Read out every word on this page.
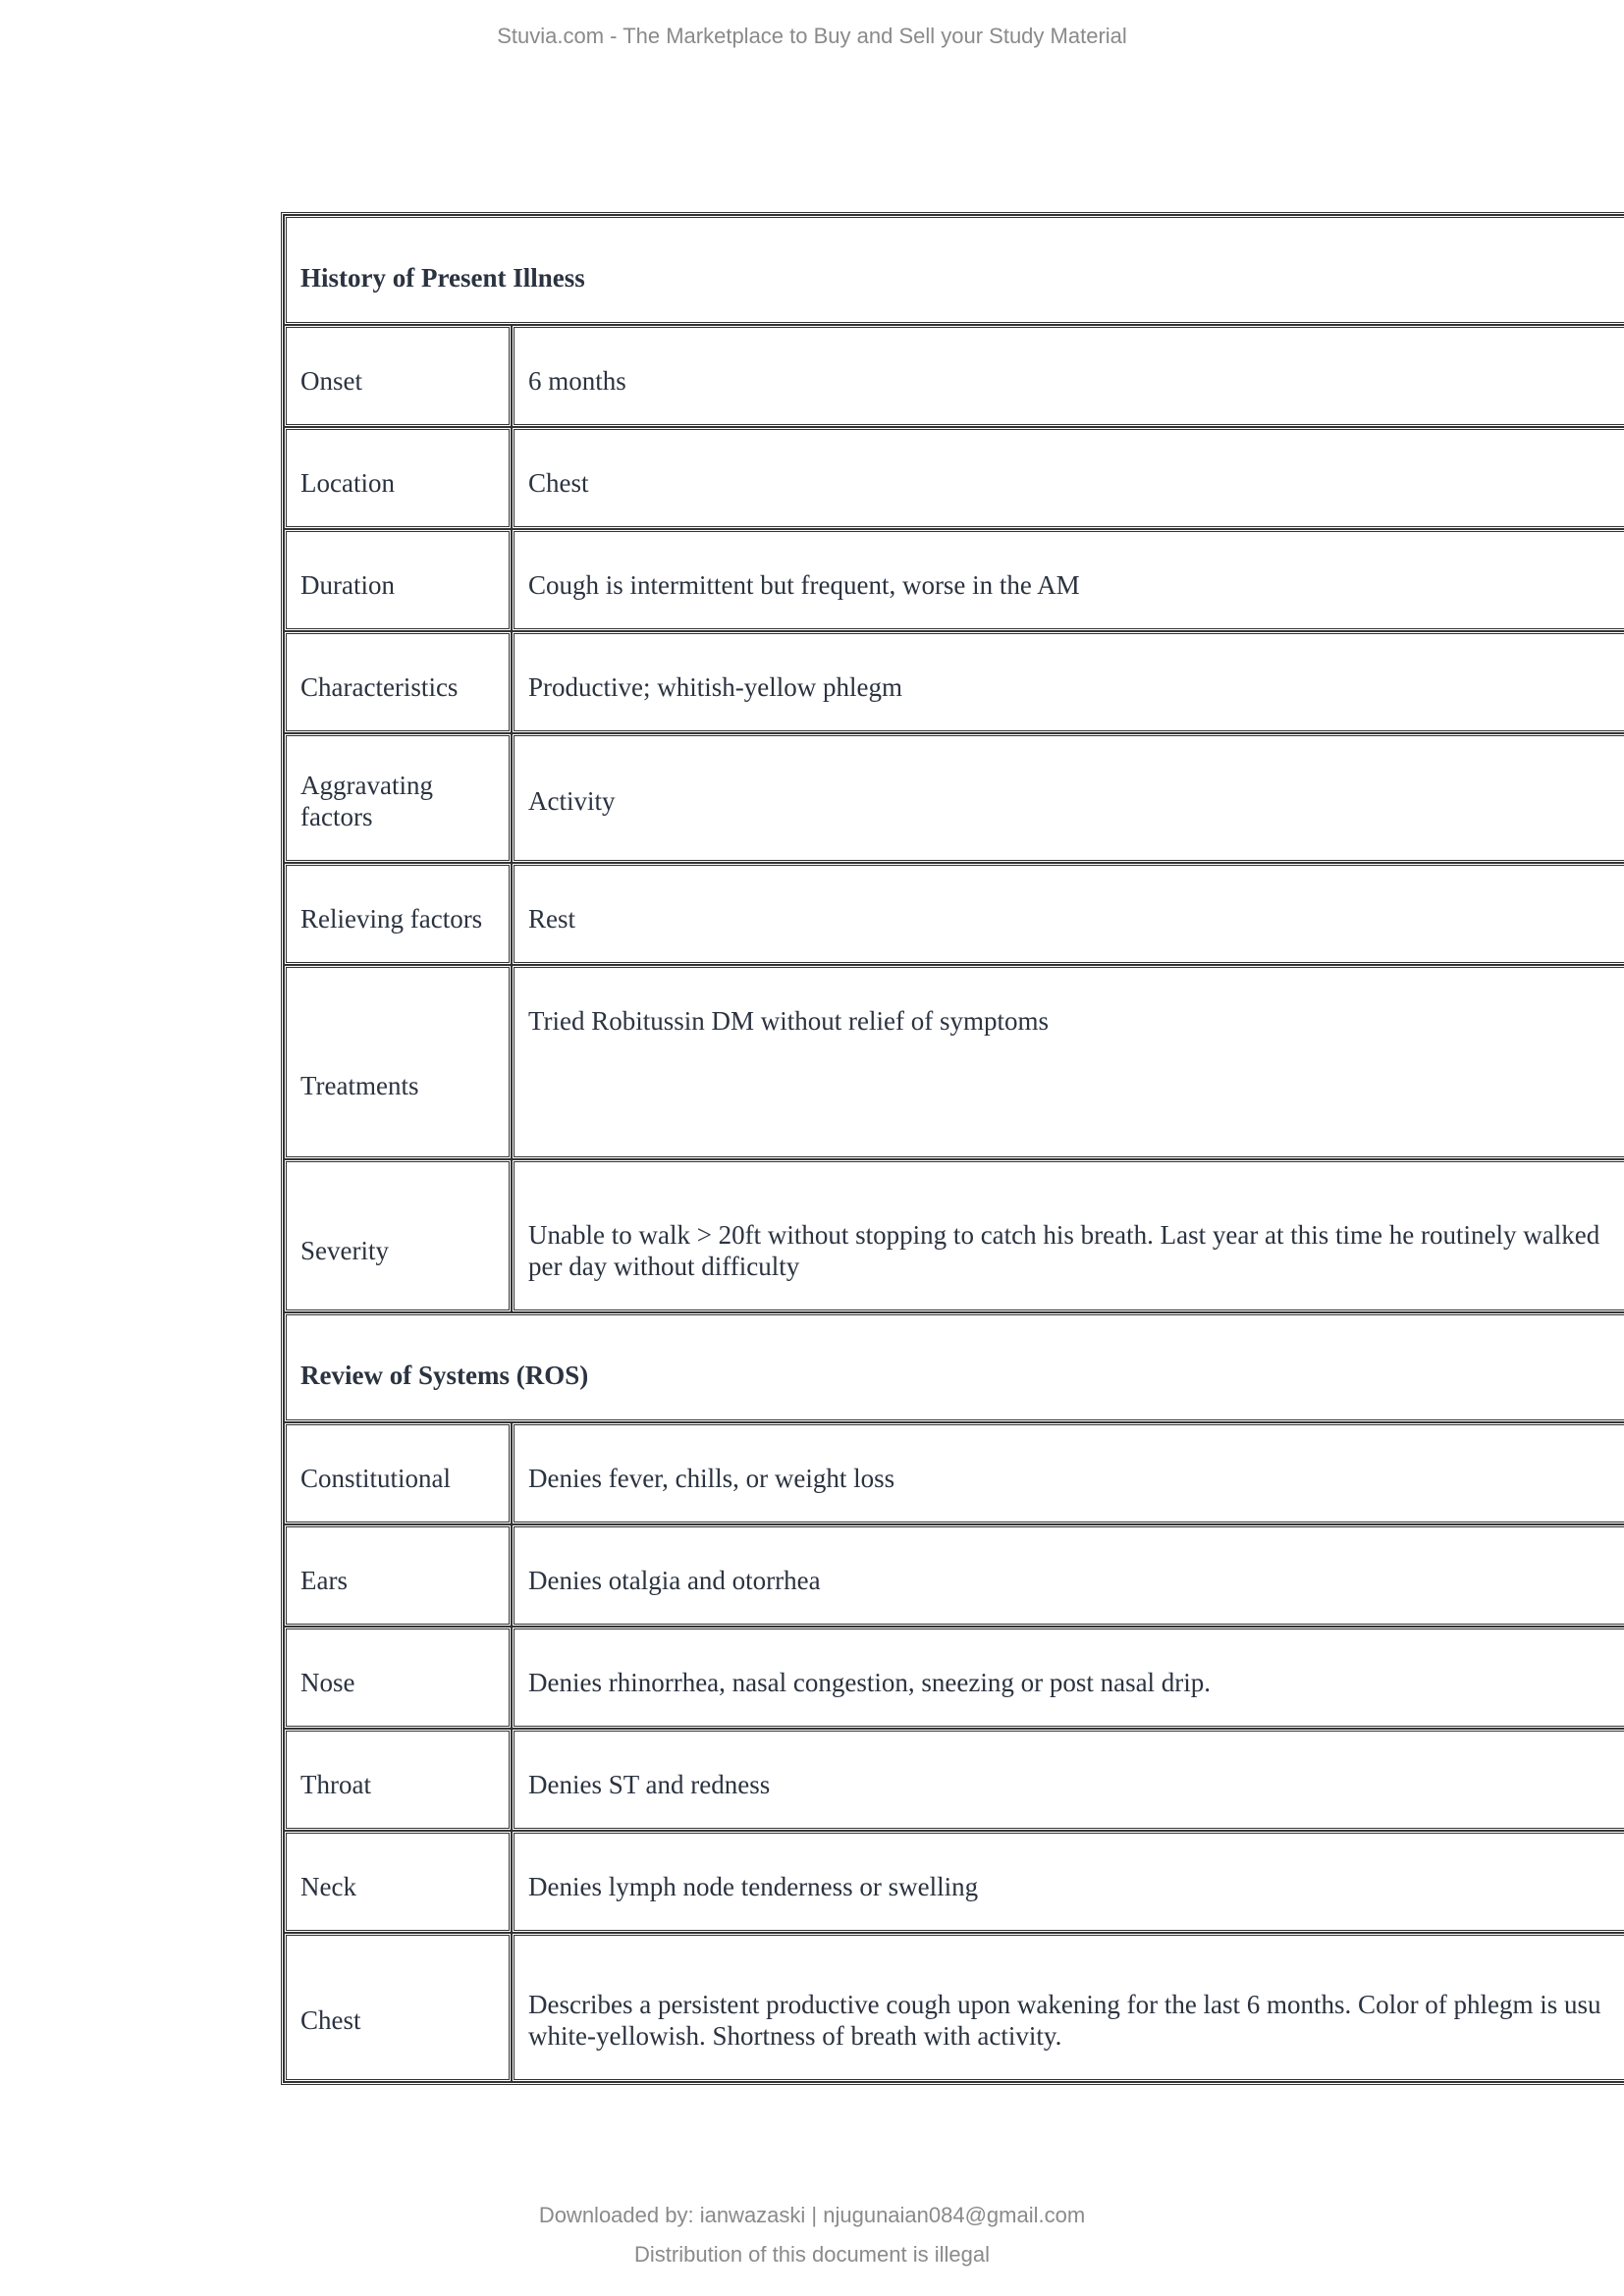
Stuvia.com - The Marketplace to Buy and Sell your Study Material
History of Present Illness	
Onset	6 months
Location	Chest
Duration	Cough is intermittent but frequent, worse in the AM
Characteristics	Productive; whitish-yellow phlegm
Aggravating factors	Activity
Relieving factors	Rest
Treatments	Tried Robitussin DM without relief of symptoms
Severity	Unable to walk > 20ft without stopping to catch his breath. Last year at this time he routinely walked
per day without difficulty

Review of Systems (ROS)	
Constitutional	Denies fever, chills, or weight loss
Ears	Denies otalgia and otorrhea
Nose	Denies rhinorrhea, nasal congestion, sneezing or post nasal drip.
Throat	Denies ST and redness
Neck	Denies lymph node tenderness or swelling
Chest	Describes a persistent productive cough upon wakening for the last 6 months. Color of phlegm is usu
white-yellowish. Shortness of breath with activity.
Downloaded by: ianwazaski | njugunaian084@gmail.com
Distribution of this document is illegal
